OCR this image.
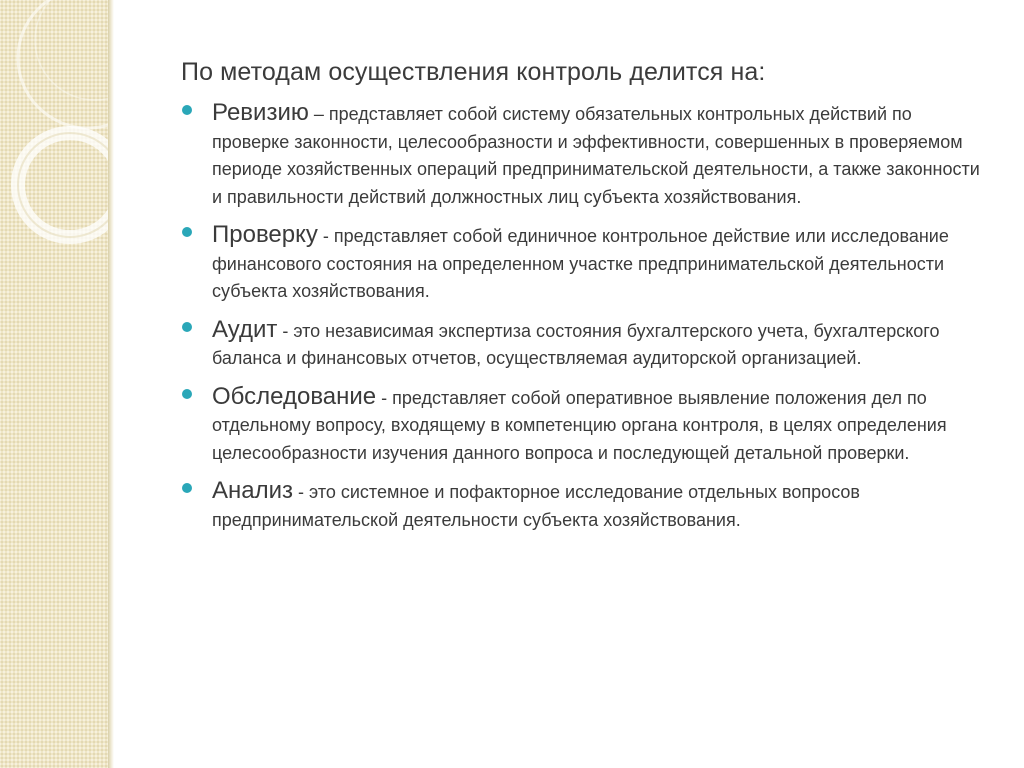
По методам осуществления контроль делится на:
Ревизию – представляет собой систему обязательных контрольных действий по проверке законности, целесообразности и эффективности, совершенных в проверяемом периоде хозяйственных операций предпринимательской деятельности, а также законности и правильности действий должностных лиц субъекта хозяйствования.
Проверку - представляет собой единичное контрольное действие или исследование финансового состояния на определенном участке предпринимательской деятельности субъекта хозяйствования.
Аудит - это независимая экспертиза состояния бухгалтерского учета, бухгалтерского баланса и финансовых отчетов, осуществляемая аудиторской организацией.
Обследование - представляет собой оперативное выявление положения дел по отдельному вопросу, входящему в компетенцию органа контроля, в целях определения целесообразности изучения данного вопроса и последующей детальной проверки.
Анализ - это системное и пофакторное исследование отдельных вопросов предпринимательской деятельности субъекта хозяйствования.
